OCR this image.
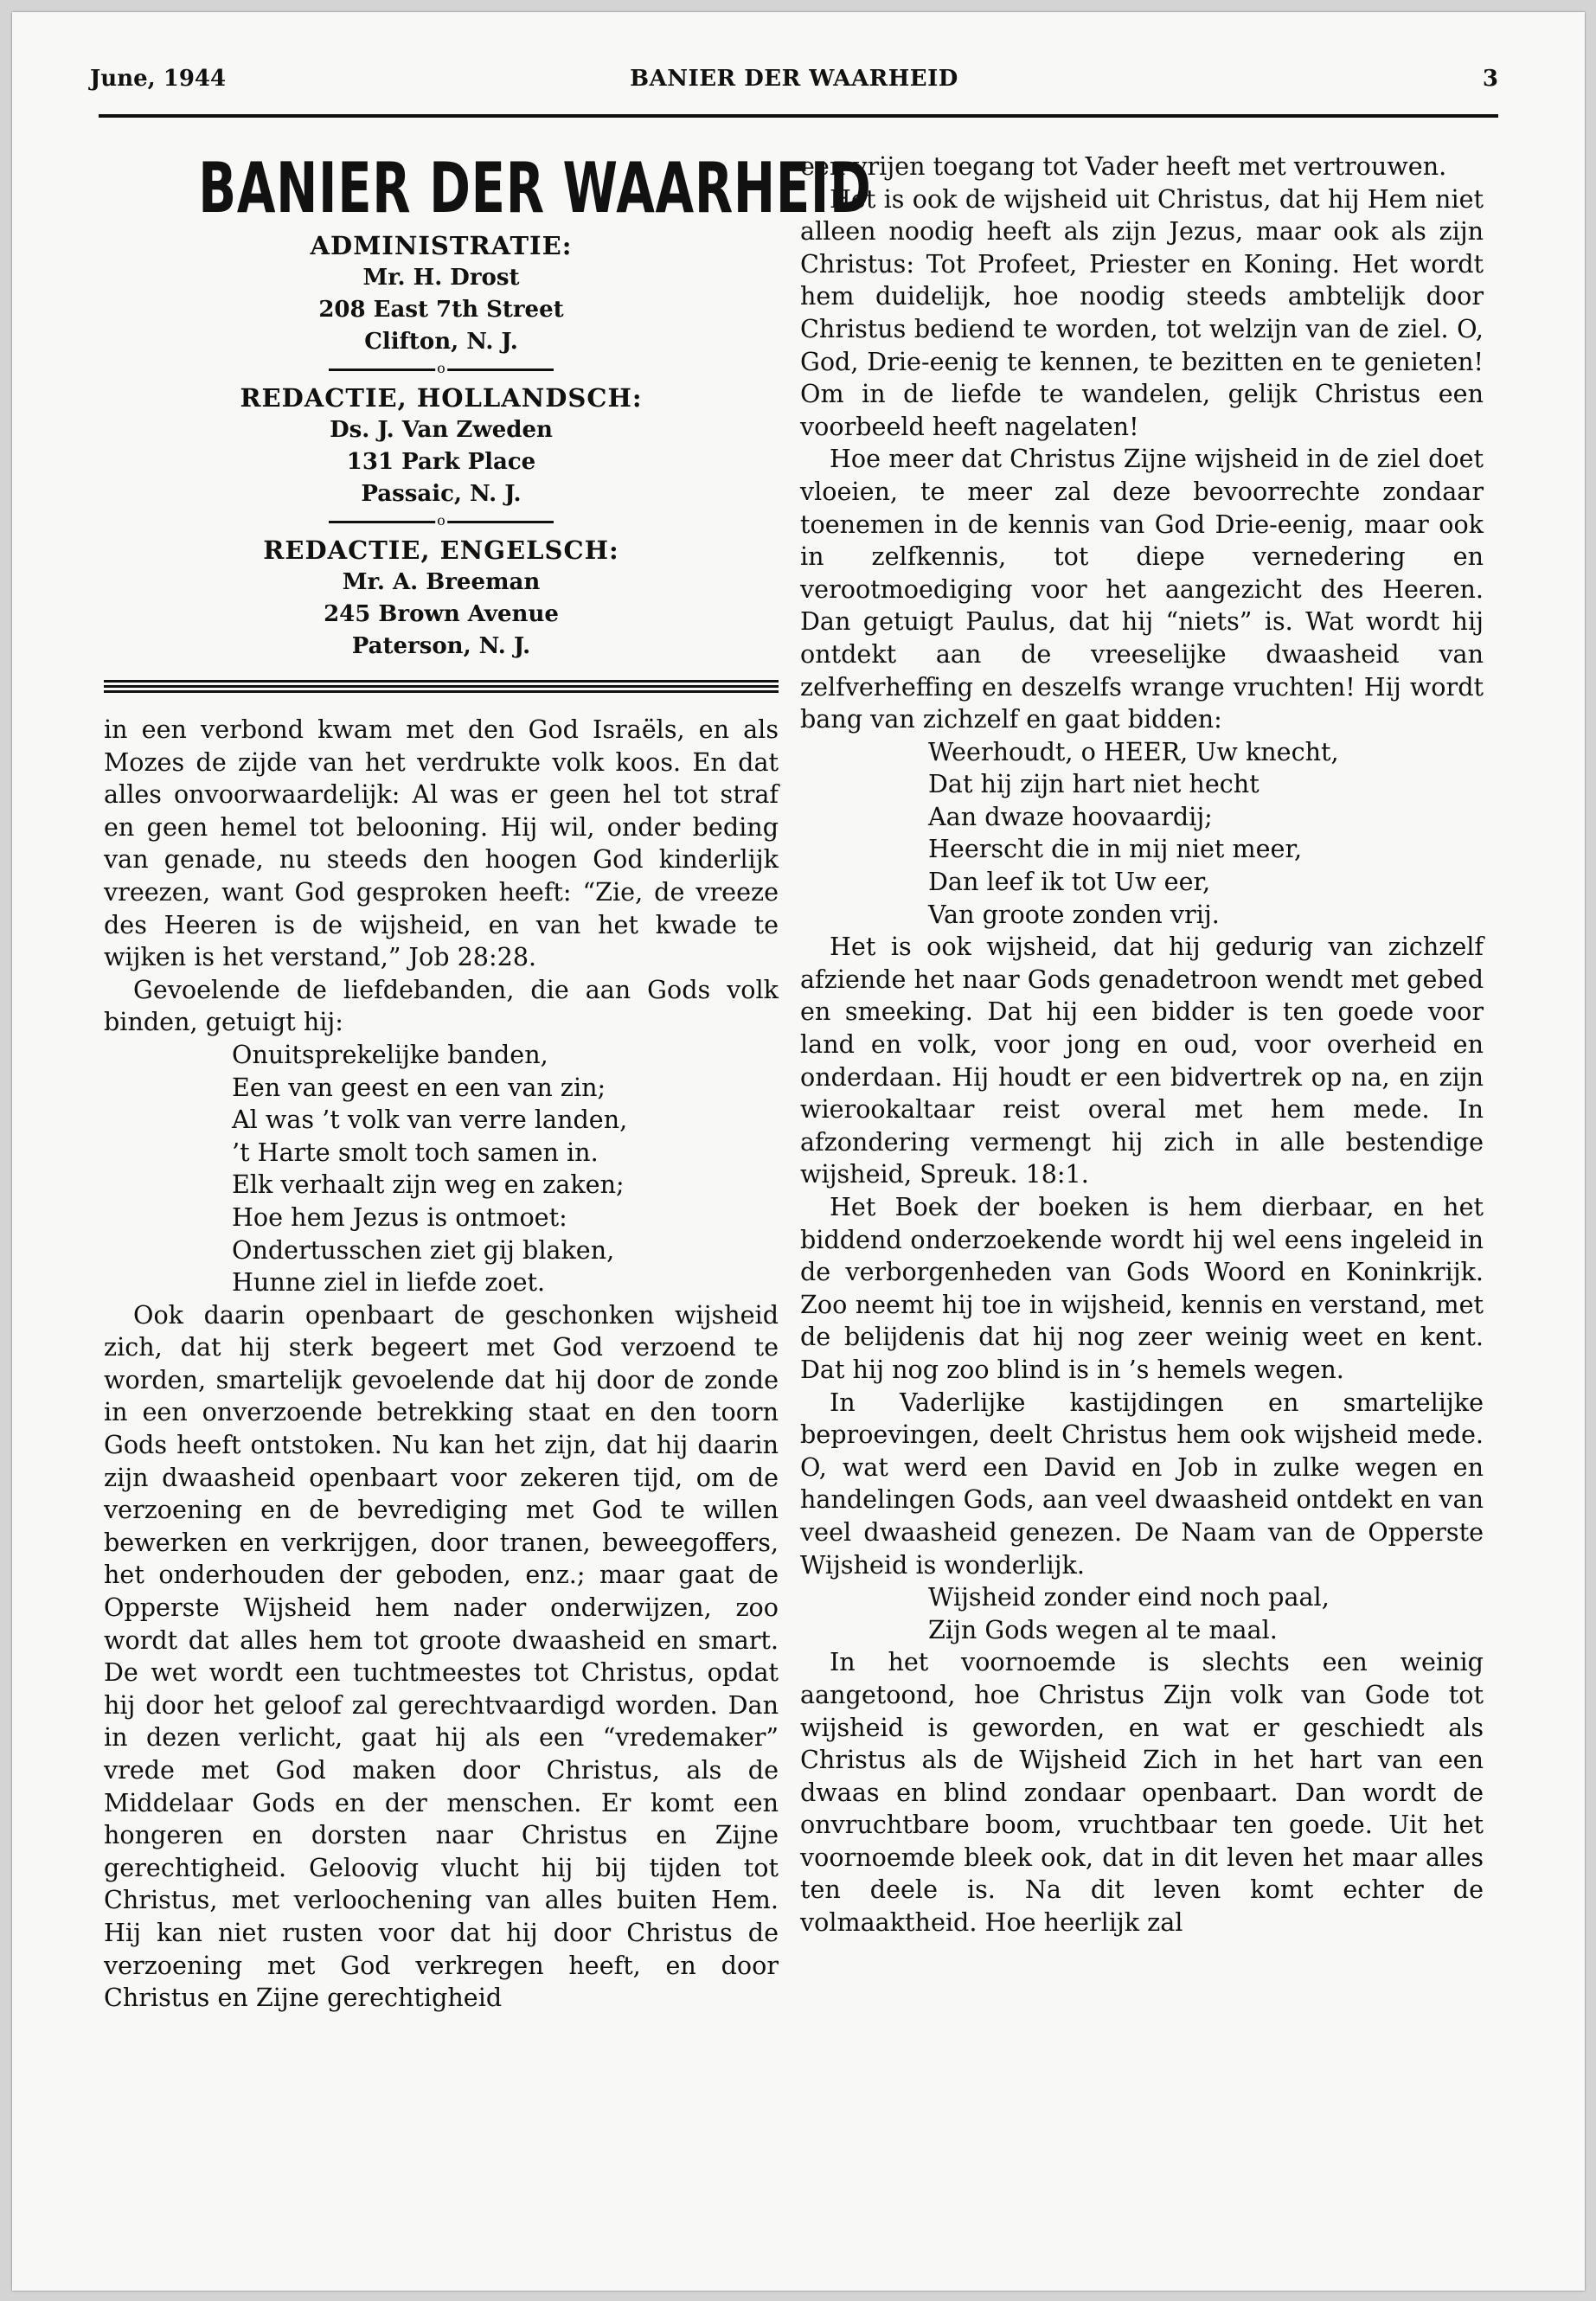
June, 1944	BANIER DER WAARHEID	3
BANIER DER WAARHEID
ADMINISTRATIE:
Mr. H. Drost
208 East 7th Street
Clifton, N. J.
o
REDACTIE, HOLLANDSCH:
Ds. J. Van Zweden
131 Park Place
Passaic, N. J.
o
REDACTIE, ENGELSCH:
Mr. A. Breeman
245 Brown Avenue
Paterson, N. J.

in een verbond kwam met den God Israëls, en als Mozes de zijde van het verdrukte volk koos. En dat alles onvoorwaardelijk: Al was er geen hel tot straf en geen hemel tot belooning. Hij wil, onder beding van genade, nu steeds den hoogen God kinderlijk vreezen, want God gesproken heeft: “Zie, de vreeze des Heeren is de wijsheid, en van het kwade te wijken is het verstand,” Job 28:28.

Gevoelende de liefdebanden, die aan Gods volk binden, getuigt hij:

Onuitsprekelijke banden,
Een van geest en een van zin;
Al was ’t volk van verre landen,
’t Harte smolt toch samen in.
Elk verhaalt zijn weg en zaken;
Hoe hem Jezus is ontmoet:
Ondertusschen ziet gij blaken,
Hunne ziel in liefde zoet.

Ook daarin openbaart de geschonken wijsheid zich, dat hij sterk begeert met God verzoend te worden, smartelijk gevoelende dat hij door de zonde in een onverzoende betrekking staat en den toorn Gods heeft ontstoken. Nu kan het zijn, dat hij daarin zijn dwaasheid openbaart voor zekeren tijd, om de verzoening en de bevrediging met God te willen bewerken en verkrijgen, door tranen, beweegoffers, het onderhouden der geboden, enz.; maar gaat de Opperste Wijsheid hem nader onderwijzen, zoo wordt dat alles hem tot groote dwaasheid en smart. De wet wordt een tuchtmeestes tot Christus, opdat hij door het geloof zal gerechtvaardigd worden. Dan in dezen verlicht, gaat hij als een “vredemaker” vrede met God maken door Christus, als de Middelaar Gods en der menschen. Er komt een hongeren en dorsten naar Christus en Zijne gerechtigheid. Geloovig vlucht hij bij tijden tot Christus, met verloochening van alles buiten Hem. Hij kan niet rusten voor dat hij door Christus de verzoening met God verkregen heeft, en door Christus en Zijne gerechtigheid

een vrijen toegang tot Vader heeft met vertrouwen.

Het is ook de wijsheid uit Christus, dat hij Hem niet alleen noodig heeft als zijn Jezus, maar ook als zijn Christus: Tot Profeet, Priester en Koning. Het wordt hem duidelijk, hoe noodig steeds ambtelijk door Christus bediend te worden, tot welzijn van de ziel. O, God, Drie-eenig te kennen, te bezitten en te genieten! Om in de liefde te wandelen, gelijk Christus een voorbeeld heeft nagelaten!

Hoe meer dat Christus Zijne wijsheid in de ziel doet vloeien, te meer zal deze bevoorrechte zondaar toenemen in de kennis van God Drie-eenig, maar ook in zelfkennis, tot diepe vernedering en verootmoediging voor het aangezicht des Heeren. Dan getuigt Paulus, dat hij “niets” is. Wat wordt hij ontdekt aan de vreeselijke dwaasheid van zelfverheffing en deszelfs wrange vruchten! Hij wordt bang van zichzelf en gaat bidden:

Weerhoudt, o HEER, Uw knecht,
Dat hij zijn hart niet hecht
Aan dwaze hoovaardij;
Heerscht die in mij niet meer,
Dan leef ik tot Uw eer,
Van groote zonden vrij.

Het is ook wijsheid, dat hij gedurig van zichzelf afziende het naar Gods genadetroon wendt met gebed en smeeking. Dat hij een bidder is ten goede voor land en volk, voor jong en oud, voor overheid en onderdaan. Hij houdt er een bidvertrek op na, en zijn wierookaltaar reist overal met hem mede. In afzondering vermengt hij zich in alle bestendige wijsheid, Spreuk. 18:1.

Het Boek der boeken is hem dierbaar, en het biddend onderzoekende wordt hij wel eens ingeleid in de verborgenheden van Gods Woord en Koninkrijk. Zoo neemt hij toe in wijsheid, kennis en verstand, met de belijdenis dat hij nog zeer weinig weet en kent. Dat hij nog zoo blind is in ’s hemels wegen.

In Vaderlijke kastijdingen en smartelijke beproevingen, deelt Christus hem ook wijsheid mede. O, wat werd een David en Job in zulke wegen en handelingen Gods, aan veel dwaasheid ontdekt en van veel dwaasheid genezen. De Naam van de Opperste Wijsheid is wonderlijk.

Wijsheid zonder eind noch paal,
Zijn Gods wegen al te maal.

In het voornoemde is slechts een weinig aangetoond, hoe Christus Zijn volk van Gode tot wijsheid is geworden, en wat er geschiedt als Christus als de Wijsheid Zich in het hart van een dwaas en blind zondaar openbaart. Dan wordt de onvruchtbare boom, vruchtbaar ten goede. Uit het voornoemde bleek ook, dat in dit leven het maar alles ten deele is. Na dit leven komt echter de volmaaktheid. Hoe heerlijk zal
